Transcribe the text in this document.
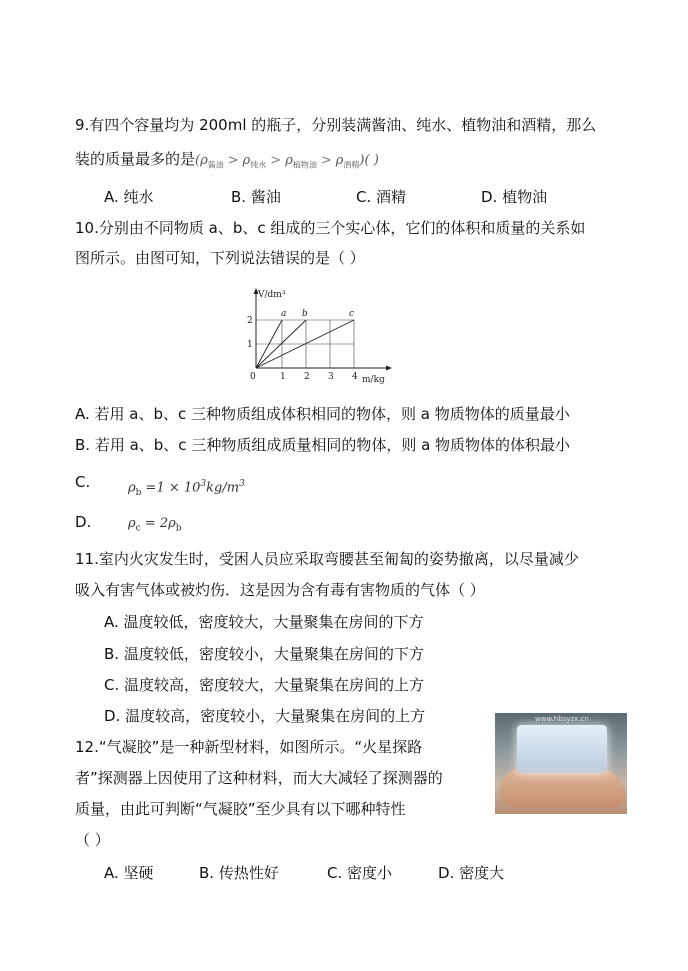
9.有四个容量均为 200ml 的瓶子，分别装满酱油、纯水、植物油和酒精，那么
装的质量最多的是$(\rho_{酱油} > \rho_{纯水} > \rho_{植物油} > \rho_{酒精})$( )
A. 纯水	B. 酱油	C. 酒精	D. 植物油
10.分别由不同物质 a、b、c 组成的三个实心体，它们的体积和质量的关系如
图所示。由图可知，下列说法错误的是（ ）
V/dm³
m/kg
0	1 2 3 4
1
2
a b	c
A. 若用 a、b、c 三种物质组成体积相同的物体，则 a 物质物体的质量最小
B. 若用 a、b、c 三种物质组成质量相同的物体，则 a 物质物体的体积最小
C.	$\rho_b =1 \times 10^3kg/m^3$
D.	$\rho_c = 2\rho_b$
11.室内火灾发生时，受困人员应采取弯腰甚至匍匐的姿势撤离，以尽量减少
吸入有害气体或被灼伤．这是因为含有毒有害物质的气体（ ）
A. 温度较低，密度较大，大量聚集在房间的下方
B. 温度较低，密度较小，大量聚集在房间的下方
C. 温度较高，密度较大，大量聚集在房间的上方
D. 温度较高，密度较小，大量聚集在房间的上方
12.“气凝胶”是一种新型材料，如图所示。“火星探路
者”探测器上因使用了这种材料，而大大减轻了探测器的
质量，由此可判断“气凝胶”至少具有以下哪种特性
（ ）
www.hbsyzx.cn
A. 坚硬	B. 传热性好	C. 密度小	D. 密度大
